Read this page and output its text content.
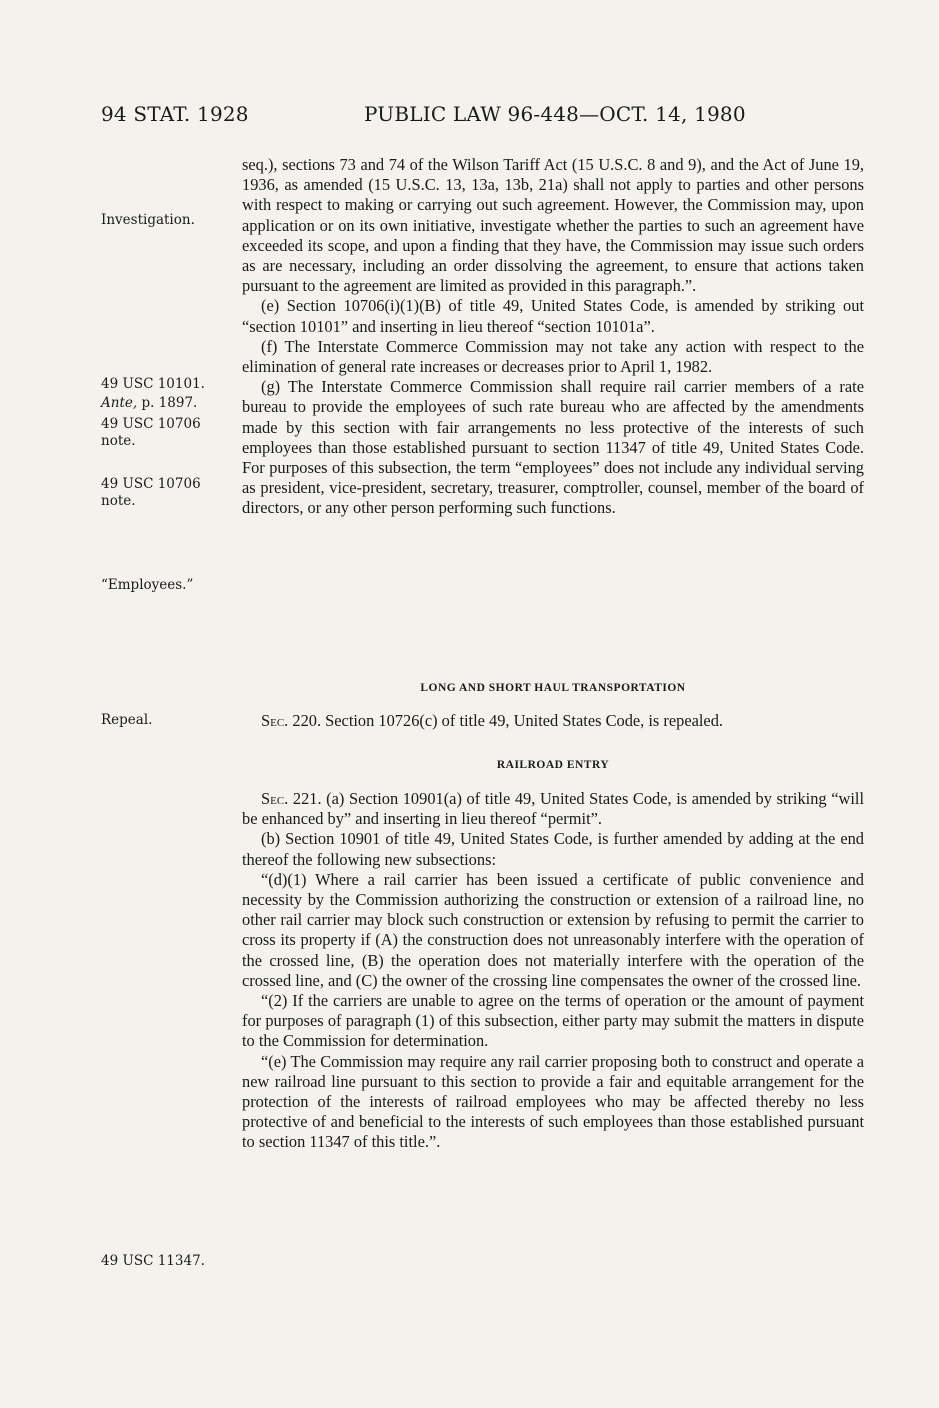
94 STAT. 1928	PUBLIC LAW 96-448—OCT. 14, 1980
Investigation.
49 USC 10101.
Ante, p. 1897.
49 USC 10706
note.
49 USC 10706
note.
“Employees.”
Repeal.
49 USC 11347.

seq.), sections 73 and 74 of the Wilson Tariff Act (15 U.S.C. 8 and 9), and the Act of June 19, 1936, as amended (15 U.S.C. 13, 13a, 13b, 21a) shall not apply to parties and other persons with respect to making or carrying out such agreement. However, the Commission may, upon application or on its own initiative, investigate whether the parties to such an agreement have exceeded its scope, and upon a finding that they have, the Commission may issue such orders as are necessary, including an order dissolving the agreement, to ensure that actions taken pursuant to the agreement are limited as provided in this paragraph.”.

(e) Section 10706(i)(1)(B) of title 49, United States Code, is amended by striking out “section 10101” and inserting in lieu thereof “section 10101a”.

(f) The Interstate Commerce Commission may not take any action with respect to the elimination of general rate increases or decreases prior to April 1, 1982.

(g) The Interstate Commerce Commission shall require rail carrier members of a rate bureau to provide the employees of such rate bureau who are affected by the amendments made by this section with fair arrangements no less protective of the interests of such employees than those established pursuant to section 11347 of title 49, United States Code. For purposes of this subsection, the term “employees” does not include any individual serving as president, vice-president, secretary, treasurer, comptroller, counsel, member of the board of directors, or any other person performing such functions.

LONG AND SHORT HAUL TRANSPORTATION

Sec. 220. Section 10726(c) of title 49, United States Code, is repealed.

RAILROAD ENTRY

Sec. 221. (a) Section 10901(a) of title 49, United States Code, is amended by striking “will be enhanced by” and inserting in lieu thereof “permit”.

(b) Section 10901 of title 49, United States Code, is further amended by adding at the end thereof the following new subsections:

“(d)(1) Where a rail carrier has been issued a certificate of public convenience and necessity by the Commission authorizing the construction or extension of a railroad line, no other rail carrier may block such construction or extension by refusing to permit the carrier to cross its property if (A) the construction does not unreasonably interfere with the operation of the crossed line, (B) the operation does not materially interfere with the operation of the crossed line, and (C) the owner of the crossing line compensates the owner of the crossed line.

“(2) If the carriers are unable to agree on the terms of operation or the amount of payment for purposes of paragraph (1) of this subsection, either party may submit the matters in dispute to the Commission for determination.

“(e) The Commission may require any rail carrier proposing both to construct and operate a new railroad line pursuant to this section to provide a fair and equitable arrangement for the protection of the interests of railroad employees who may be affected thereby no less protective of and beneficial to the interests of such employees than those established pursuant to section 11347 of this title.”.
